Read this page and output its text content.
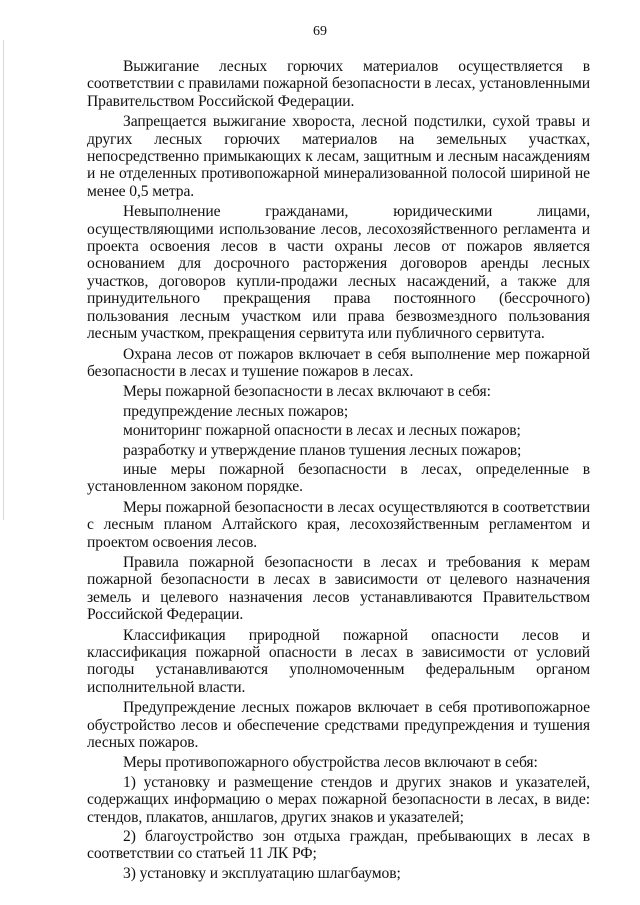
69

Выжигание лесных горючих материалов осуществляется в соответствии с правилами пожарной безопасности в лесах, установленными Правительством Российской Федерации.

Запрещается выжигание хвороста, лесной подстилки, сухой травы и других лесных горючих материалов на земельных участках, непосредственно примыкающих к лесам, защитным и лесным насаждениям и не отделенных противопожарной минерализованной полосой шириной не менее 0,5 метра.

Невыполнение гражданами, юридическими лицами, осуществляющими использование лесов, лесохозяйственного регламента и проекта освоения лесов в части охраны лесов от пожаров является основанием для досрочного расторжения договоров аренды лесных участков, договоров купли-продажи лесных насаждений, а также для принудительного прекращения права постоянного (бессрочного) пользования лесным участком или права безвозмездного пользования лесным участком, прекращения сервитута или публичного сервитута.

Охрана лесов от пожаров включает в себя выполнение мер пожарной безопасности в лесах и тушение пожаров в лесах.

Меры пожарной безопасности в лесах включают в себя:

предупреждение лесных пожаров;

мониторинг пожарной опасности в лесах и лесных пожаров;

разработку и утверждение планов тушения лесных пожаров;

иные меры пожарной безопасности в лесах, определенные в установленном законом порядке.

Меры пожарной безопасности в лесах осуществляются в соответствии с лесным планом Алтайского края, лесохозяйственным регламентом и проектом освоения лесов.

Правила пожарной безопасности в лесах и требования к мерам пожарной безопасности в лесах в зависимости от целевого назначения земель и целевого назначения лесов устанавливаются Правительством Российской Федерации.

Классификация природной пожарной опасности лесов и классификация пожарной опасности в лесах в зависимости от условий погоды устанавливаются уполномоченным федеральным органом исполнительной власти.

Предупреждение лесных пожаров включает в себя противопожарное обустройство лесов и обеспечение средствами предупреждения и тушения лесных пожаров.

Меры противопожарного обустройства лесов включают в себя:

1) установку и размещение стендов и других знаков и указателей, содержащих информацию о мерах пожарной безопасности в лесах, в виде: стендов, плакатов, аншлагов, других знаков и указателей;

2) благоустройство зон отдыха граждан, пребывающих в лесах в соответствии со статьей 11 ЛК РФ;

3) установку и эксплуатацию шлагбаумов;
